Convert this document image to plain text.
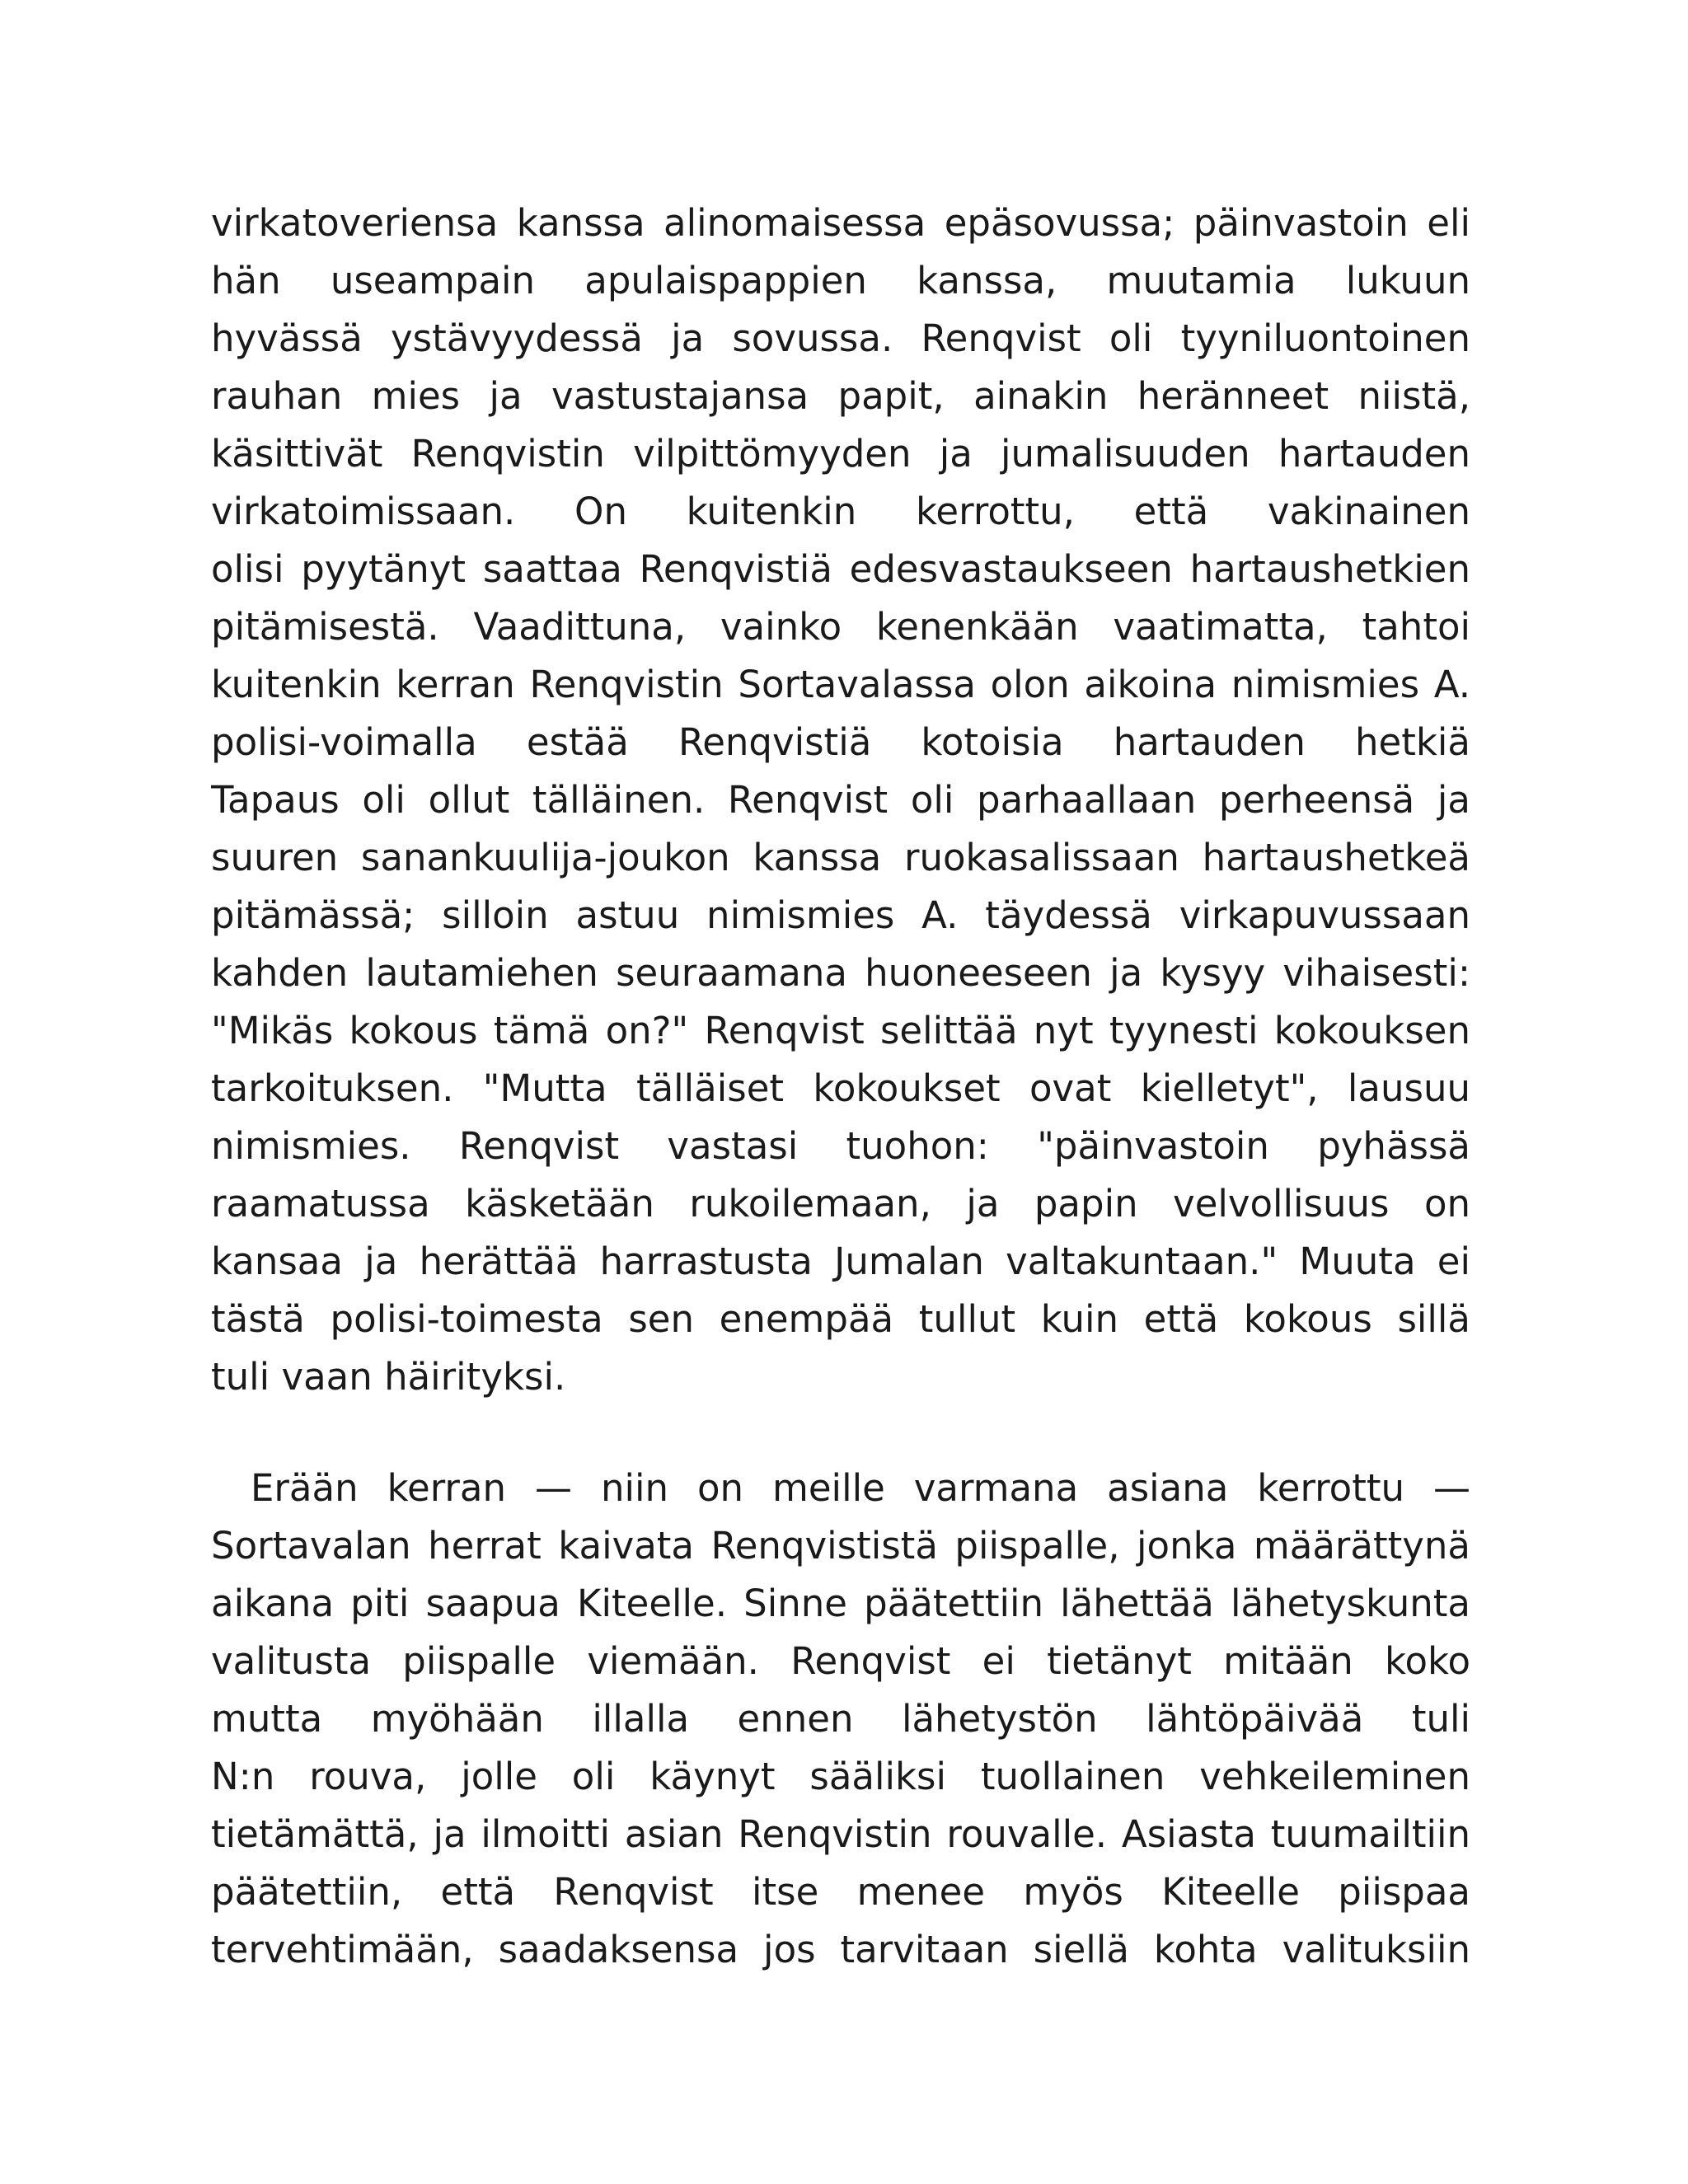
virkatoveriensa kanssa alinomaisessa epäsovussa; päinvastoin eli
hän useampain apulaispappien kanssa, muutamia lukuun
hyvässä ystävyydessä ja sovussa. Renqvist oli tyyniluontoinen
rauhan mies ja vastustajansa papit, ainakin heränneet niistä,
käsittivät Renqvistin vilpittömyyden ja jumalisuuden hartauden
virkatoimissaan. On kuitenkin kerrottu, että vakinainen
olisi pyytänyt saattaa Renqvistiä edesvastaukseen hartaushetkien
pitämisestä. Vaadittuna, vainko kenenkään vaatimatta, tahtoi
kuitenkin kerran Renqvistin Sortavalassa olon aikoina nimismies A.
polisi-voimalla estää Renqvistiä kotoisia hartauden hetkiä
Tapaus oli ollut tälläinen. Renqvist oli parhaallaan perheensä ja
suuren sanankuulija-joukon kanssa ruokasalissaan hartaushetkeä
pitämässä; silloin astuu nimismies A. täydessä virkapuvussaan
kahden lautamiehen seuraamana huoneeseen ja kysyy vihaisesti:
"Mikäs kokous tämä on?" Renqvist selittää nyt tyynesti kokouksen
tarkoituksen. "Mutta tälläiset kokoukset ovat kielletyt", lausuu
nimismies. Renqvist vastasi tuohon: "päinvastoin pyhässä
raamatussa käsketään rukoilemaan, ja papin velvollisuus on
kansaa ja herättää harrastusta Jumalan valtakuntaan." Muuta ei
tästä polisi-toimesta sen enempää tullut kuin että kokous sillä
tuli vaan häirityksi.
Erään kerran — niin on meille varmana asiana kerrottu —
Sortavalan herrat kaivata Renqvististä piispalle, jonka määrättynä
aikana piti saapua Kiteelle. Sinne päätettiin lähettää lähetyskunta
valitusta piispalle viemään. Renqvist ei tietänyt mitään koko
mutta myöhään illalla ennen lähetystön lähtöpäivää tuli
N:n rouva, jolle oli käynyt sääliksi tuollainen vehkeileminen
tietämättä, ja ilmoitti asian Renqvistin rouvalle. Asiasta tuumailtiin
päätettiin, että Renqvist itse menee myös Kiteelle piispaa
tervehtimään, saadaksensa jos tarvitaan siellä kohta valituksiin
